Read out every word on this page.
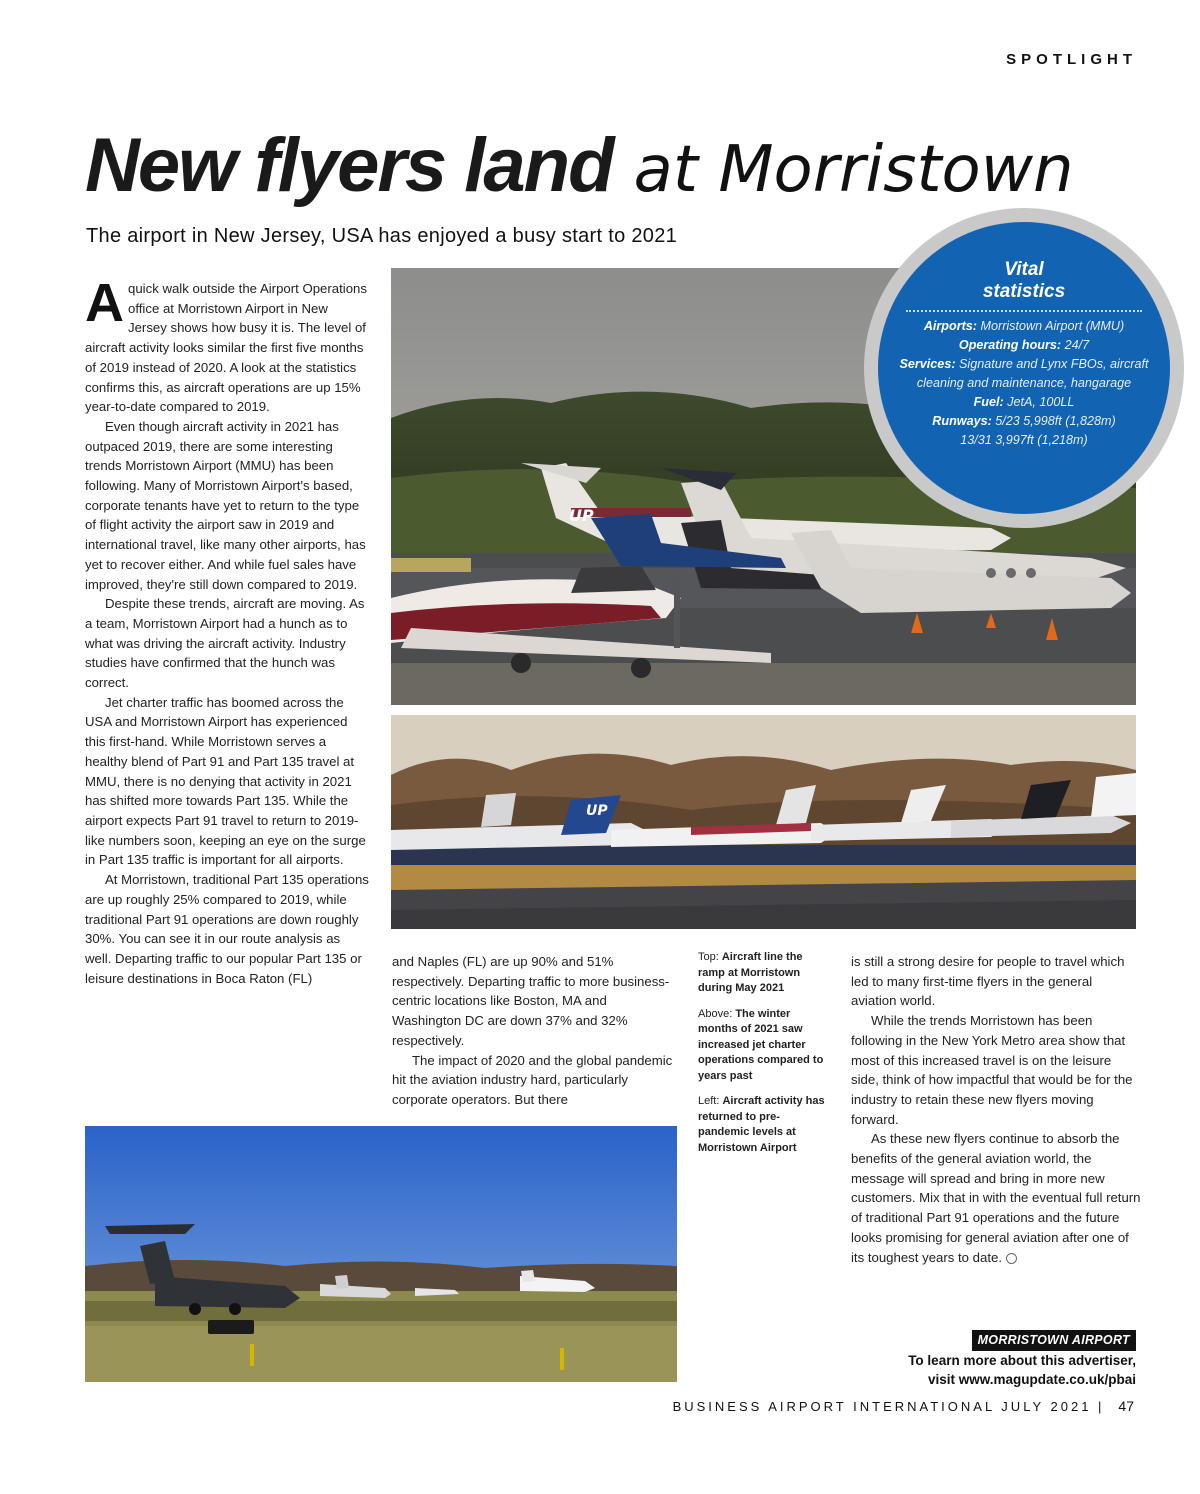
SPOTLIGHT
New flyers land at Morristown
The airport in New Jersey, USA has enjoyed a busy start to 2021

Aquick walk outside the Airport Operations office at Morristown Airport in New Jersey shows how busy it is. The level of aircraft activity looks similar the first five months of 2019 instead of 2020. A look at the statistics confirms this, as aircraft operations are up 15% year-to-date compared to 2019.

Even though aircraft activity in 2021 has outpaced 2019, there are some interesting trends Morristown Airport (MMU) has been following. Many of Morristown Airport's based, corporate tenants have yet to return to the type of flight activity the airport saw in 2019 and international travel, like many other airports, has yet to recover either. And while fuel sales have improved, they're still down compared to 2019.

Despite these trends, aircraft are moving. As a team, Morristown Airport had a hunch as to what was driving the aircraft activity. Industry studies have confirmed that the hunch was correct.

Jet charter traffic has boomed across the USA and Morristown Airport has experienced this first-hand. While Morristown serves a healthy blend of Part 91 and Part 135 travel at MMU, there is no denying that activity in 2021 has shifted more towards Part 135. While the airport expects Part 91 travel to return to 2019-like numbers soon, keeping an eye on the surge in Part 135 traffic is important for all airports.

At Morristown, traditional Part 135 operations are up roughly 25% compared to 2019, while traditional Part 91 operations are down roughly 30%. You can see it in our route analysis as well. Departing traffic to our popular Part 135 or leisure destinations in Boca Raton (FL)

UP
Vital
statistics
Airports: Morristown Airport (MMU)
Operating hours: 24/7
Services: Signature and Lynx FBOs, aircraft cleaning and maintenance, hangarage
Fuel: JetA, 100LL
Runways: 5/23 5,998ft (1,828m)
13/31 3,997ft (1,218m)
UP

and Naples (FL) are up 90% and 51% respectively. Departing traffic to more business-centric locations like Boston, MA and Washington DC are down 37% and 32% respectively.

The impact of 2020 and the global pandemic hit the aviation industry hard, particularly corporate operators. But there

Top: Aircraft line the ramp at Morristown during May 2021

Above: The winter months of 2021 saw increased jet charter operations compared to years past

Left: Aircraft activity has returned to pre-pandemic levels at Morristown Airport

is still a strong desire for people to travel which led to many first-time flyers in the general aviation world.

While the trends Morristown has been following in the New York Metro area show that most of this increased travel is on the leisure side, think of how impactful that would be for the industry to retain these new flyers moving forward.

As these new flyers continue to absorb the benefits of the general aviation world, the message will spread and bring in more new customers. Mix that in with the eventual full return of traditional Part 91 operations and the future looks promising for general aviation after one of its toughest years to date.

MORRISTOWN AIRPORT
To learn more about this advertiser,
visit www.magupdate.co.uk/pbai
BUSINESS AIRPORT INTERNATIONAL JULY 2021 | 47
